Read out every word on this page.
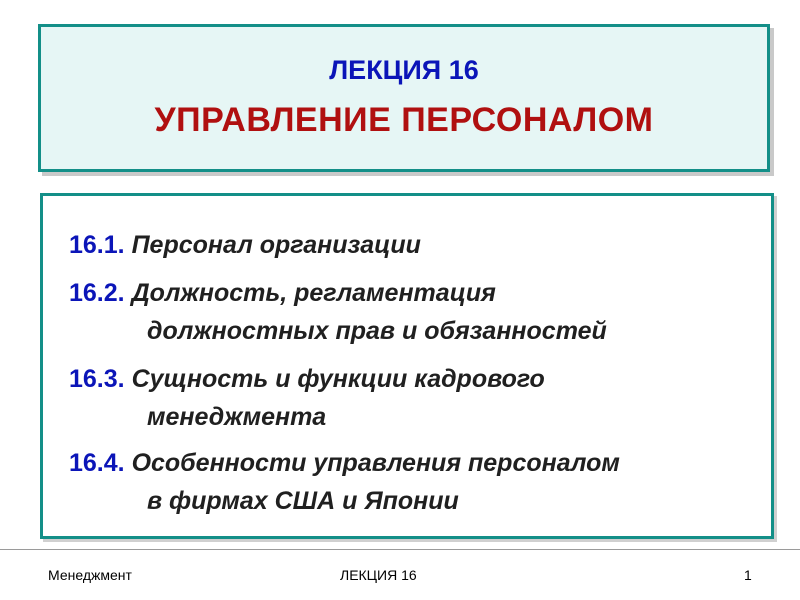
ЛЕКЦИЯ 16
УПРАВЛЕНИЕ ПЕРСОНАЛОМ
16.1. Персонал организации
16.2. Должность, регламентация
должностных прав и обязанностей
16.3. Сущность и функции кадрового
менеджмента
16.4. Особенности управления персоналом
в фирмах США и Японии
Менеджмент	ЛЕКЦИЯ 16	1
